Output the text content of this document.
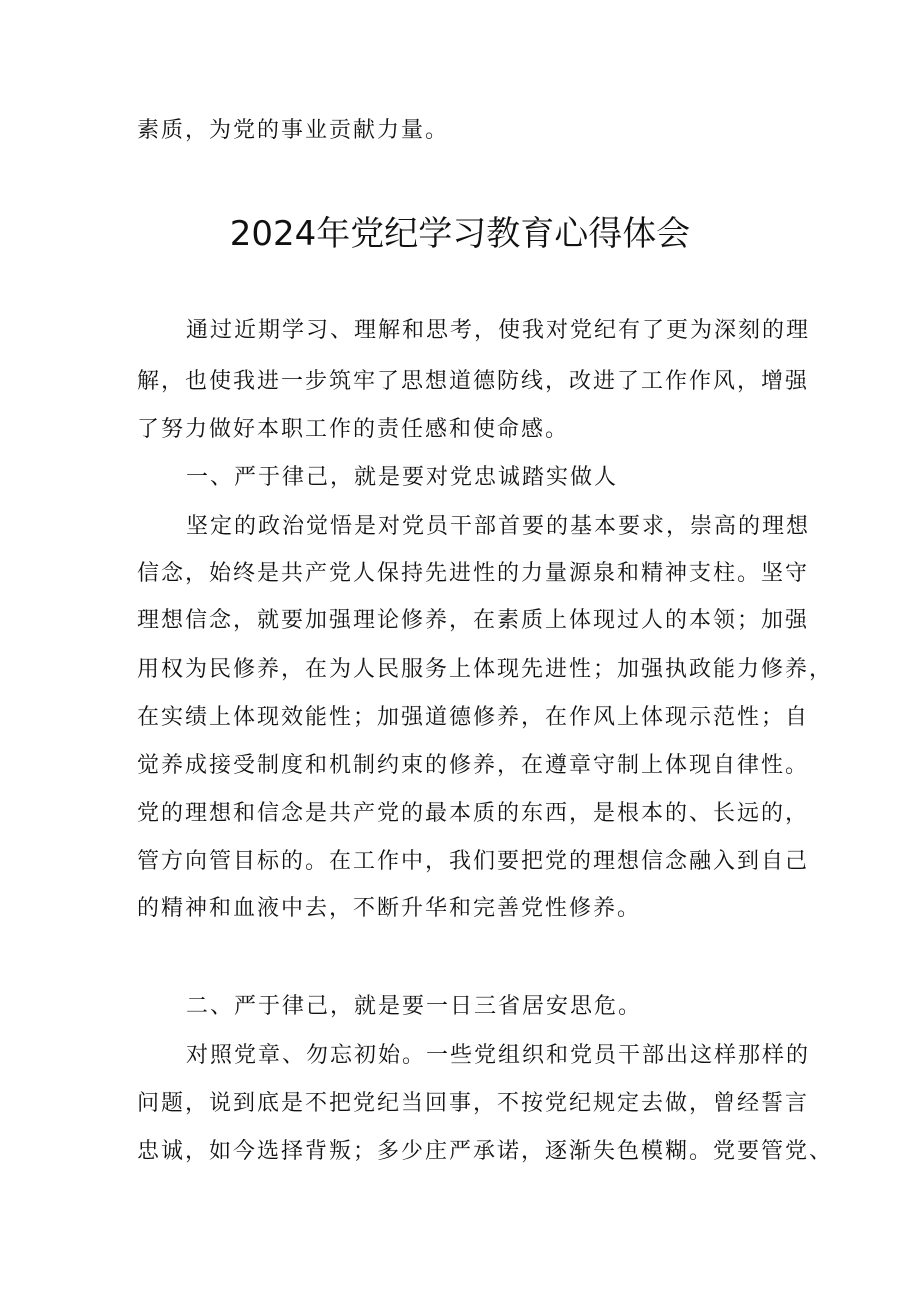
素质，为党的事业贡献力量。
2024年党纪学习教育心得体会
通过近期学习、理解和思考，使我对党纪有了更为深刻的理
解，也使我进一步筑牢了思想道德防线，改进了工作作风，增强
了努力做好本职工作的责任感和使命感。
一、严于律己，就是要对党忠诚踏实做人
坚定的政治觉悟是对党员干部首要的基本要求，崇高的理想
信念，始终是共产党人保持先进性的力量源泉和精神支柱。坚守
理想信念，就要加强理论修养，在素质上体现过人的本领；加强
用权为民修养，在为人民服务上体现先进性；加强执政能力修养，
在实绩上体现效能性；加强道德修养，在作风上体现示范性；自
觉养成接受制度和机制约束的修养，在遵章守制上体现自律性。
党的理想和信念是共产党的最本质的东西，是根本的、长远的，
管方向管目标的。在工作中，我们要把党的理想信念融入到自己
的精神和血液中去，不断升华和完善党性修养。
二、严于律己，就是要一日三省居安思危。
对照党章、勿忘初始。一些党组织和党员干部出这样那样的
问题，说到底是不把党纪当回事，不按党纪规定去做，曾经誓言
忠诚，如今选择背叛；多少庄严承诺，逐渐失色模糊。党要管党、
